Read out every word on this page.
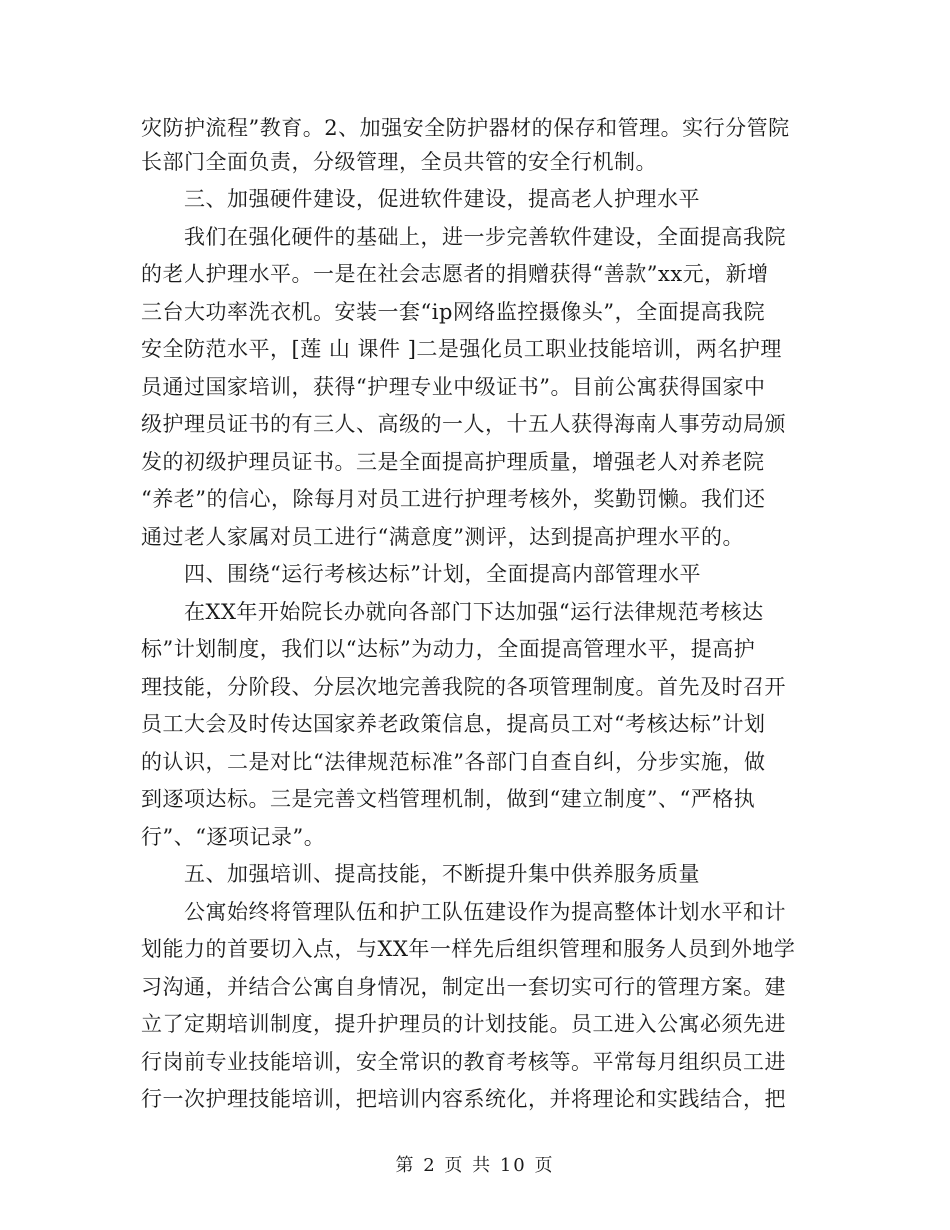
灾防护流程”教育。2、加强安全防护器材的保存和管理。实行分管院
长部门全面负责，分级管理，全员共管的安全行机制。
三、加强硬件建设，促进软件建设，提高老人护理水平
我们在强化硬件的基础上，进一步完善软件建设，全面提高我院
的老人护理水平。一是在社会志愿者的捐赠获得“善款”xx元，新增
三台大功率洗衣机。安装一套“ip网络监控摄像头”，全面提高我院
安全防范水平，[莲 山 课件 ]二是强化员工职业技能培训，两名护理
员通过国家培训，获得“护理专业中级证书”。目前公寓获得国家中
级护理员证书的有三人、高级的一人，十五人获得海南人事劳动局颁
发的初级护理员证书。三是全面提高护理质量，增强老人对养老院
“养老”的信心，除每月对员工进行护理考核外，奖勤罚懒。我们还
通过老人家属对员工进行“满意度”测评，达到提高护理水平的。
四、围绕“运行考核达标”计划，全面提高内部管理水平
在XX年开始院长办就向各部门下达加强“运行法律规范考核达
标”计划制度，我们以“达标”为动力，全面提高管理水平，提高护
理技能，分阶段、分层次地完善我院的各项管理制度。首先及时召开
员工大会及时传达国家养老政策信息，提高员工对“考核达标”计划
的认识，二是对比“法律规范标准”各部门自查自纠，分步实施，做
到逐项达标。三是完善文档管理机制，做到“建立制度”、“严格执
行”、“逐项记录”。
五、加强培训、提高技能，不断提升集中供养服务质量
公寓始终将管理队伍和护工队伍建设作为提高整体计划水平和计
划能力的首要切入点，与XX年一样先后组织管理和服务人员到外地学
习沟通，并结合公寓自身情况，制定出一套切实可行的管理方案。建
立了定期培训制度，提升护理员的计划技能。员工进入公寓必须先进
行岗前专业技能培训，安全常识的教育考核等。平常每月组织员工进
行一次护理技能培训，把培训内容系统化，并将理论和实践结合，把
第 2 页 共 10 页
